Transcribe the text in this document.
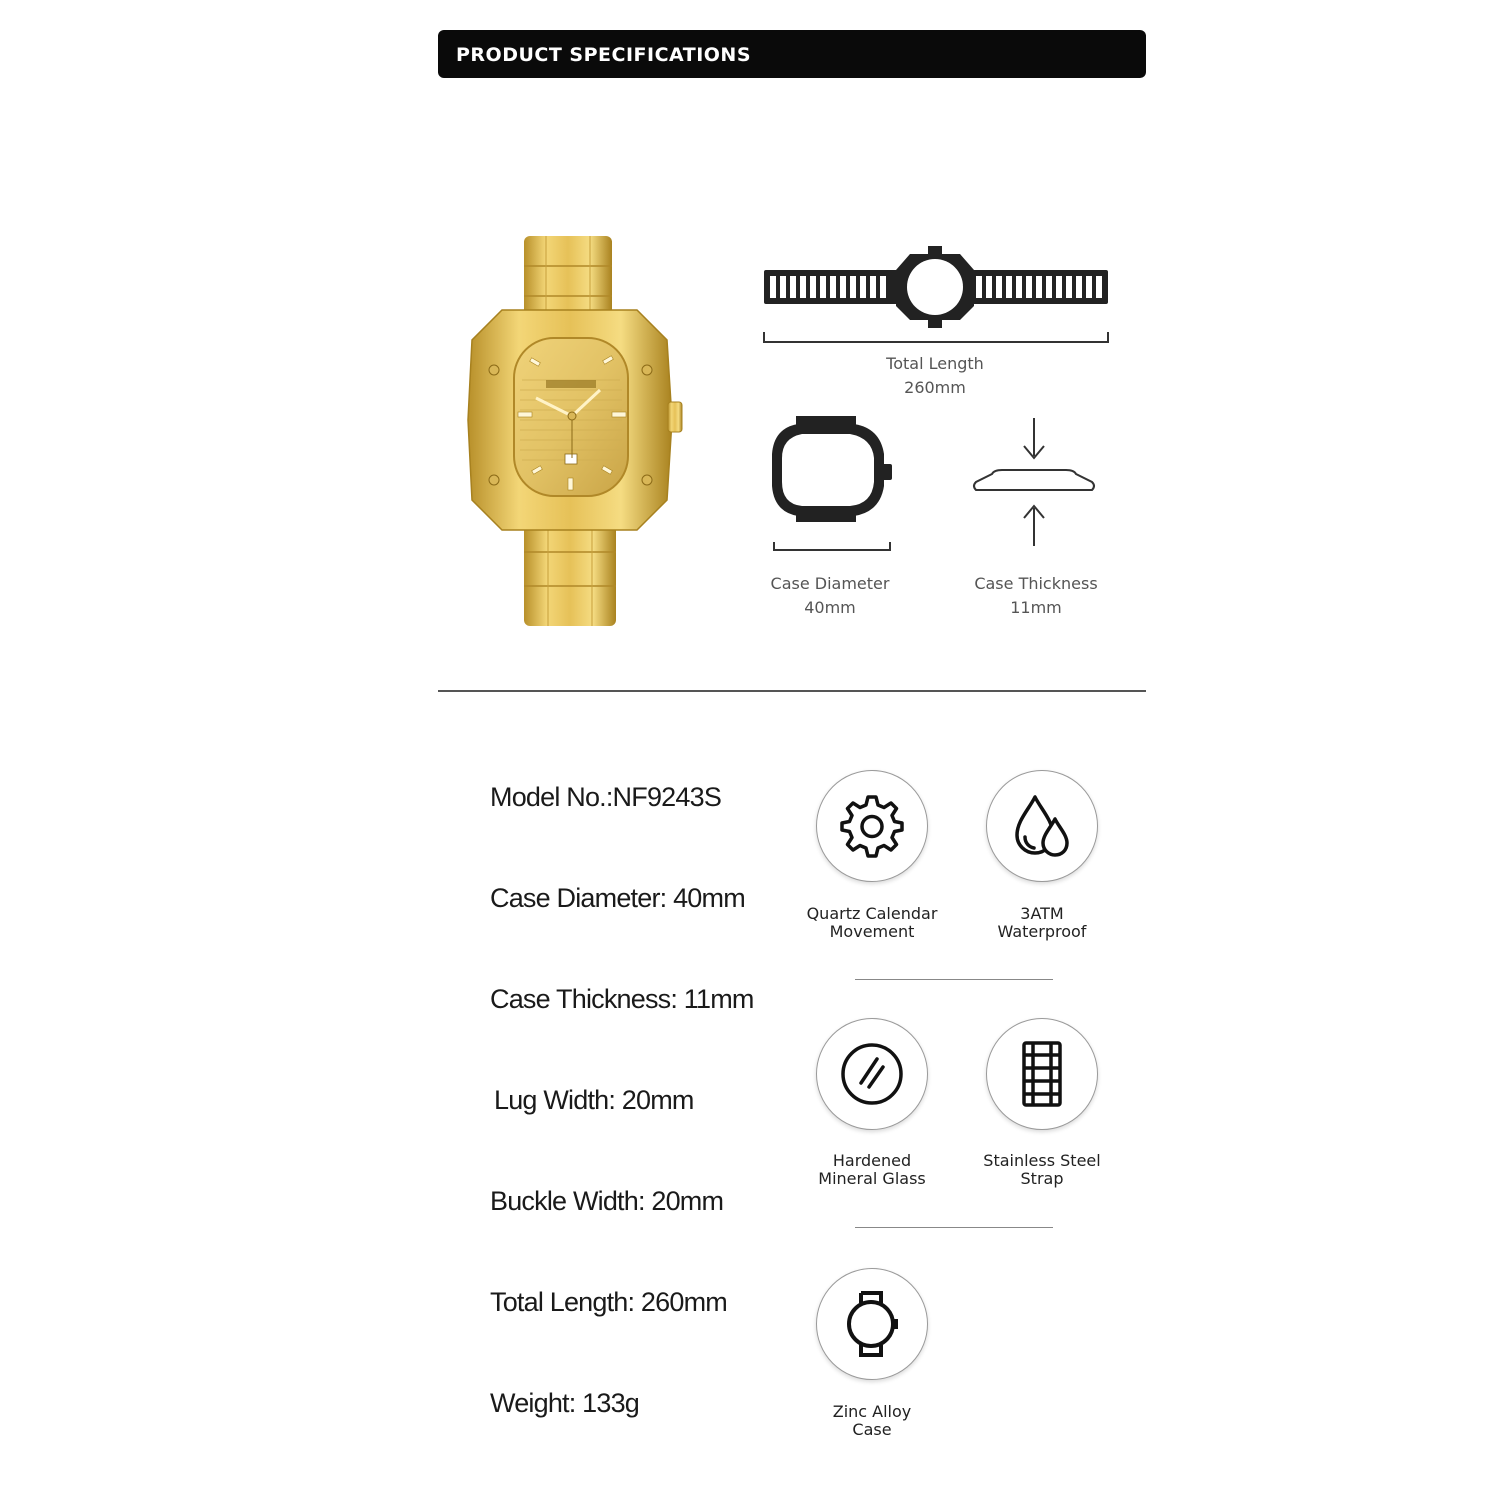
PRODUCT SPECIFICATIONS
Total Length
260mm
Case Diameter
40mm
Case Thickness
11mm
Model No.:NF9243S
Case Diameter: 40mm
Case Thickness: 11mm
Lug Width: 20mm
Buckle Width: 20mm
Total Length: 260mm
Weight: 133g
Quartz Calendar
Movement
3ATM
Waterproof
Hardened
Mineral Glass
Stainless Steel
Strap
Zinc Alloy
Case
